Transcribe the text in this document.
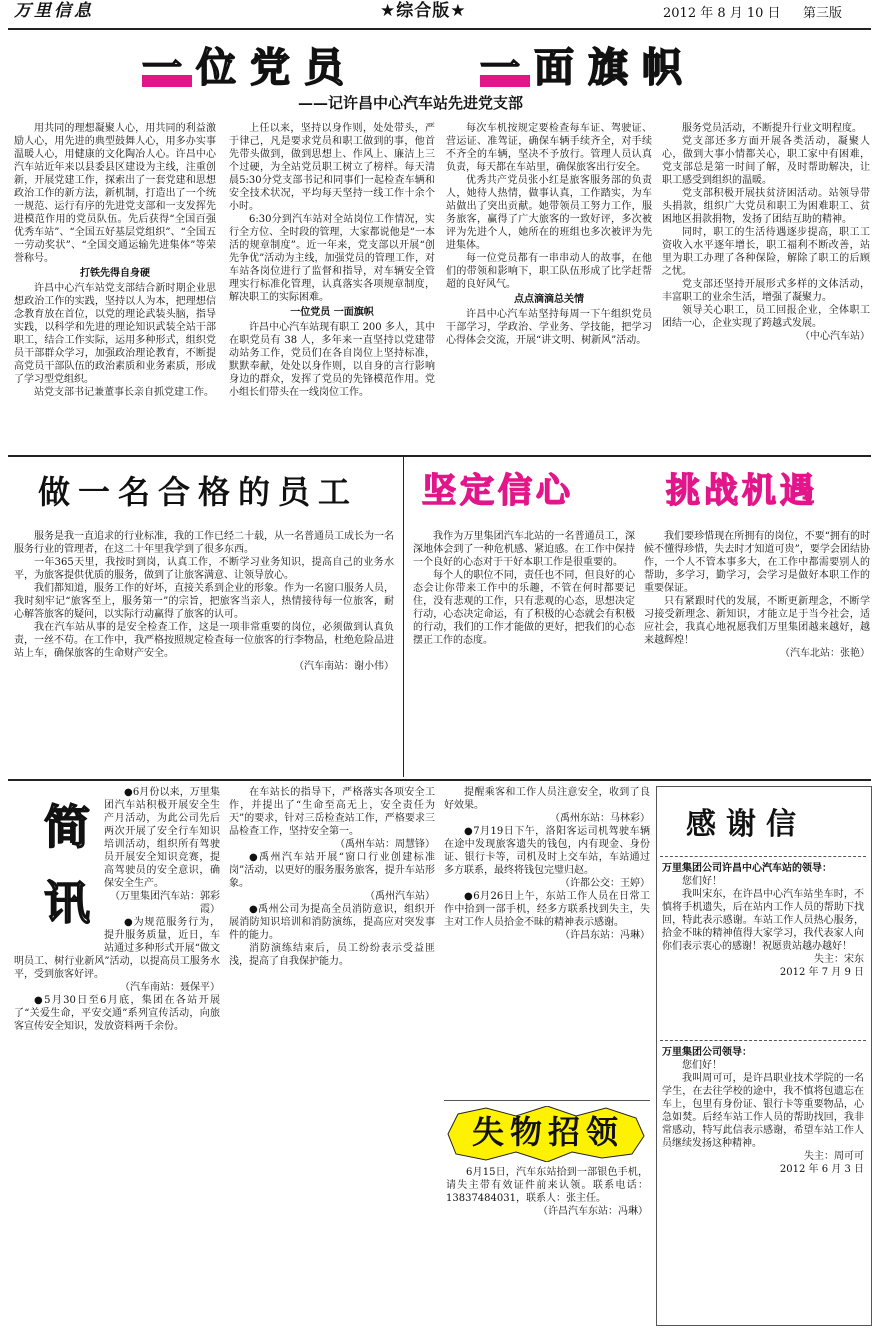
万里信息	★综合版★	2012 年 8 月 10 日 第三版
一位党员	一面旗帜
——记许昌中心汽车站先进党支部

用共同的理想凝聚人心，用共同的利益激励人心，用先进的典型鼓舞人心，用多办实事温暖人心，用健康的文化陶冶人心。许昌中心汽车站近年来以县委县区建设为主线，注重创新，开展党建工作，探索出了一套党建和思想政治工作的新方法，新机制，打造出了一个统一规范、运行有序的先进党支部和一支发挥先进模范作用的党员队伍。先后获得“全国百强优秀车站”、“全国五好基层党组织”、“全国五一劳动奖状”、“全国交通运输先进集体”等荣誉称号。

打铁先得自身硬

许昌中心汽车站党支部结合新时期企业思想政治工作的实践，坚持以人为本，把理想信念教育放在首位，以党的理论武装头脑，指导实践，以科学和先进的理论知识武装全站干部职工，结合工作实际，运用多种形式，组织党员干部群众学习，加强政治理论教育，不断提高党员干部队伍的政治素质和业务素质，形成了学习型党组织。

站党支部书记兼董事长亲自抓党建工作。

上任以来，坚持以身作则，处处带头，严于律己，凡是要求党员和职工做到的事，他首先带头做到，做到思想上、作风上、廉洁上三个过硬，为全站党员职工树立了榜样。每天清晨5:30分党支部书记和同事们一起检查车辆和安全技术状况，平均每天坚持一线工作十余个小时。

6:30分到汽车站对全站岗位工作情况，实行全方位、全时段的管理，大家都说他是“一本活的规章制度”。近一年来，党支部以开展“创先争优”活动为主线，加强党员的管理工作，对车站各岗位进行了监督和指导，对车辆安全管理实行标准化管理，认真落实各项规章制度，解决职工的实际困难。

一位党员 一面旗帜

许昌中心汽车站现有职工 200 多人，其中在职党员有 38 人，多年来一直坚持以党建带动站务工作，党员们在各自岗位上坚持标准，默默奉献，处处以身作则，以自身的言行影响身边的群众，发挥了党员的先锋模范作用。党小组长们带头在一线岗位工作。

每次车机按规定要检查每车证、驾驶证、营运证、准驾证，确保车辆手续齐全，对手续不齐全的车辆，坚决不予放行。管理人员认真负责，每天都在车站里，确保旅客出行安全。

优秀共产党员张小红是旅客服务部的负责人，她待人热情，做事认真，工作踏实，为车站做出了突出贡献。她带领员工努力工作，服务旅客，赢得了广大旅客的一致好评，多次被评为先进个人，她所在的班组也多次被评为先进集体。

每一位党员都有一串串动人的故事，在他们的带领和影响下，职工队伍形成了比学赶帮超的良好风气。

点点滴滴总关情

许昌中心汽车站坚持每周一下午组织党员干部学习，学政治、学业务、学技能，把学习心得体会交流，开展“讲文明、树新风”活动。

服务党员活动，不断提升行业文明程度。

党支部还多方面开展各类活动，凝聚人心，做到大事小情都关心，职工家中有困难，党支部总是第一时间了解，及时帮助解决，让职工感受到组织的温暖。

党支部积极开展扶贫济困活动。站领导带头捐款，组织广大党员和职工为困难职工、贫困地区捐款捐物，发扬了团结互助的精神。

同时，职工的生活待遇逐步提高，职工工资收入水平逐年增长，职工福利不断改善，站里为职工办理了各种保险，解除了职工的后顾之忧。

党支部还坚持开展形式多样的文体活动，丰富职工的业余生活，增强了凝聚力。

领导关心职工，员工回报企业，全体职工团结一心，企业实现了跨越式发展。

（中心汽车站）

做一名合格的员工

服务是我一直追求的行业标准，我的工作已经二十载，从一名普通员工成长为一名服务行业的管理者，在这二十年里我学到了很多东西。

一年365天里，我按时到岗，认真工作，不断学习业务知识，提高自己的业务水平，为旅客提供优质的服务，做到了让旅客满意、让领导放心。

我们都知道，服务工作的好坏，直接关系到企业的形象。作为一名窗口服务人员，我时刻牢记“旅客至上，服务第一”的宗旨，把旅客当亲人，热情接待每一位旅客，耐心解答旅客的疑问，以实际行动赢得了旅客的认可。

我在汽车站从事的是安全检查工作，这是一项非常重要的岗位，必须做到认真负责，一丝不苟。在工作中，我严格按照规定检查每一位旅客的行李物品，杜绝危险品进站上车，确保旅客的生命财产安全。

（汽车南站：谢小伟）

坚定信心	挑战机遇

我作为万里集团汽车北站的一名普通员工，深深地体会到了一种危机感、紧迫感。在工作中保持一个良好的心态对于干好本职工作是很重要的。

每个人的职位不同，责任也不同，但良好的心态会让你带来工作中的乐趣，不管在何时都要记住，没有悲观的工作，只有悲观的心态，思想决定行动，心态决定命运，有了积极的心态就会有积极的行动，我们的工作才能做的更好，把我们的心态摆正工作的态度。

我们要珍惜现在所拥有的岗位，不要“拥有的时候不懂得珍惜，失去时才知道可贵”，要学会团结协作，一个人不管本事多大，在工作中都需要别人的帮助，多学习，勤学习，会学习是做好本职工作的重要保证。

只有紧跟时代的发展，不断更新理念，不断学习接受新理念、新知识，才能立足于当今社会，适应社会，我真心地祝愿我们万里集团越来越好，越来越辉煌！

（汽车北站：张艳）

简
讯

●6月份以来，万里集团汽车站积极开展安全生产月活动，为此公司先后两次开展了安全行车知识培训活动，组织所有驾驶员开展安全知识竞赛，提高驾驶员的安全意识，确保安全生产。

（万里集团汽车站：郭彩霞）

●为规范服务行为，提升服务质量，近日，车站通过多种形式开展“做文明员工、树行业新风”活动，以提高员工服务水平，受到旅客好评。

（汽车南站：聂保平）

●5月30日至6月底，集团在各站开展了“关爱生命，平安交通”系列宣传活动，向旅客宣传安全知识，发放资料两千余份。

在车站长的指导下，严格落实各项安全工作，并提出了“生命至高无上，安全责任为天”的要求，针对三岳检查站工作，严格要求三品检查工作，坚持安全第一。

（禹州车站：周慧锋）

●禹州汽车站开展“窗口行业创建标准岗”活动，以更好的服务服务旅客，提升车站形象。

（禹州汽车站）

●禹州公司为提高全员消防意识，组织开展消防知识培训和消防演练，提高应对突发事件的能力。

消防演练结束后，员工纷纷表示受益匪浅，提高了自我保护能力。

提醒乘客和工作人员注意安全，收到了良好效果。

（禹州东站：马林彩）

●7月19日下午，洛阳客运司机驾驶车辆在途中发现旅客遗失的钱包，内有现金、身份证、银行卡等，司机及时上交车站，车站通过多方联系，最终将钱包完璧归赵。

（许都公交：王婷）

●6月26日上午，东站工作人员在日常工作中拾到一部手机，经多方联系找到失主，失主对工作人员拾金不昧的精神表示感谢。

（许昌东站：冯琳）

失物招领

6月15日，汽车东站拾到一部银色手机，请失主带有效证件前来认领。联系电话：13837484031，联系人：张主任。

（许昌汽车东站：冯琳）

感谢信

万里集团公司许昌中心汽车站的领导：

您们好！

我叫宋东，在许昌中心汽车站坐车时，不慎将手机遗失，后在站内工作人员的帮助下找回，特此表示感谢。车站工作人员热心服务，拾金不昧的精神值得大家学习，我代表家人向你们表示衷心的感谢！祝愿贵站越办越好！

失主：宋东

2012 年 7 月 9 日

万里集团公司领导：

您们好！

我叫周可可，是许昌职业技术学院的一名学生，在去往学校的途中，我不慎将包遗忘在车上，包里有身份证、银行卡等重要物品，心急如焚。后经车站工作人员的帮助找回，我非常感动，特写此信表示感谢，希望车站工作人员继续发扬这种精神。

失主：周可可

2012 年 6 月 3 日
